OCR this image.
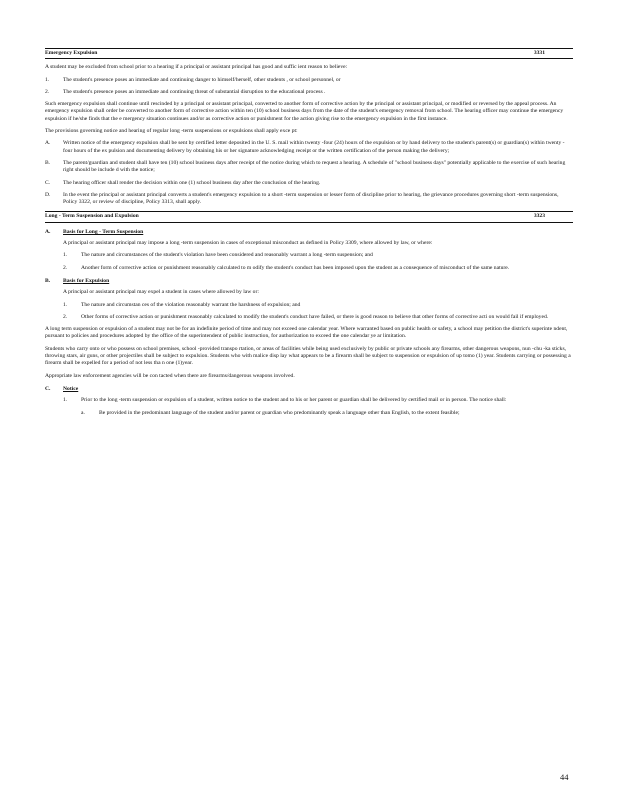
Emergency Expulsion	3331

A student may be excluded from school prior to a hearing if a principal or assistant principal has good and suffic ient reason to believe:

1.	The student's presence poses an immediate and continuing danger to himself/herself, other students , or school personnel, or
2.	The student's presence poses an immediate and continuing threat of substantial disruption to the educational process .

Such emergency expulsion shall continue until rescinded by a principal or assistant principal, converted to another form of corrective action by the principal or assistant principal, or modified or reversed by the appeal process. An emergency expulsion shall order be converted to another form of corrective action within ten (10) school business days from the date of the student's emergency removal from school. The hearing officer may continue the emergency expulsion if he/she finds that the e mergency situation continues and/or as corrective action or punishment for the action giving rise to the emergency expulsion in the first instance.

The provisions governing notice and hearing of regular long -term suspensions or expulsions shall apply exce pt:

A.	Written notice of the emergency expulsion shall be sent by certified letter deposited in the U. S. mail within twenty -four (24) hours of the expulsion or by hand delivery to the student's parent(s) or guardian(s) within twenty -four hours of the ex pulsion and documenting delivery by obtaining his or her signature acknowledging receipt or the written certification of the person making the delivery;
B.	The parent/guardian and student shall have ten (10) school business days after receipt of the notice during which to request a hearing. A schedule of "school business days" potentially applicable to the exercise of such hearing right should be include d with the notice;
C.	The hearing officer shall render the decision within one (1) school business day after the conclusion of the hearing.
D.	In the event the principal or assistant principal converts a student's emergency expulsion to a short -term suspension or lesser form of discipline prior to hearing, the grievance procedures governing short -term suspensions, Policy 3322, or review of discipline, Policy 3313, shall apply.
Long - Term Suspension and Expulsion	3323
A.	Basis for Long - Term Suspension

A principal or assistant principal may impose a long -term suspension in cases of exceptional misconduct as defined in Policy 3309, where allowed by law, or where:

1.	The nature and circumstances of the student's violation have been considered and reasonably warrant a long -term suspension; and
2.	Another form of corrective action or punishment reasonably calculated to m odify the student's conduct has been imposed upon the student as a consequence of misconduct of the same nature.
B.	Basis for Expulsion

A principal or assistant principal may expel a student in cases where allowed by law or:

1.	The nature and circumstan ces of the violation reasonably warrant the harshness of expulsion; and
2.	Other forms of corrective action or punishment reasonably calculated to modify the student's conduct have failed, or there is good reason to believe that other forms of corrective acti on would fail if employed.

A long term suspension or expulsion of a student may not be for an indefinite period of time and may not exceed one calendar year. Where warranted based on public health or safety, a school may petition the district's superinte ndent, pursuant to policies and procedures adopted by the office of the superintendent of public instruction, for authorization to exceed the one calendar ye ar limitation.

Students who carry onto or who possess on school premises, school -provided transpo rtation, or areas of facilities while being used exclusively by public or private schools any firearms, other dangerous weapons, nun -chu -ka sticks, throwing stars, air guns, or other projectiles shall be subject to expulsion. Students who with malice disp lay what appears to be a firearm shall be subject to suspension or expulsion of up tomo (1) year. Students carrying or possessing a firearm shall be expelled for a period of not less tha n one (1)year.

Appropriate law enforcement agencies will be con tacted when there are firearms/dangerous weapons involved.

C.	Notice
1.	Prior to the long -term suspension or expulsion of a student, written notice to the student and to his or her parent or guardian shall be delivered by certified mail or in person. The notice shall:
a.	Be provided in the predominant language of the student and/or parent or guardian who predominantly speak a language other than English, to the extent feasible;
44
